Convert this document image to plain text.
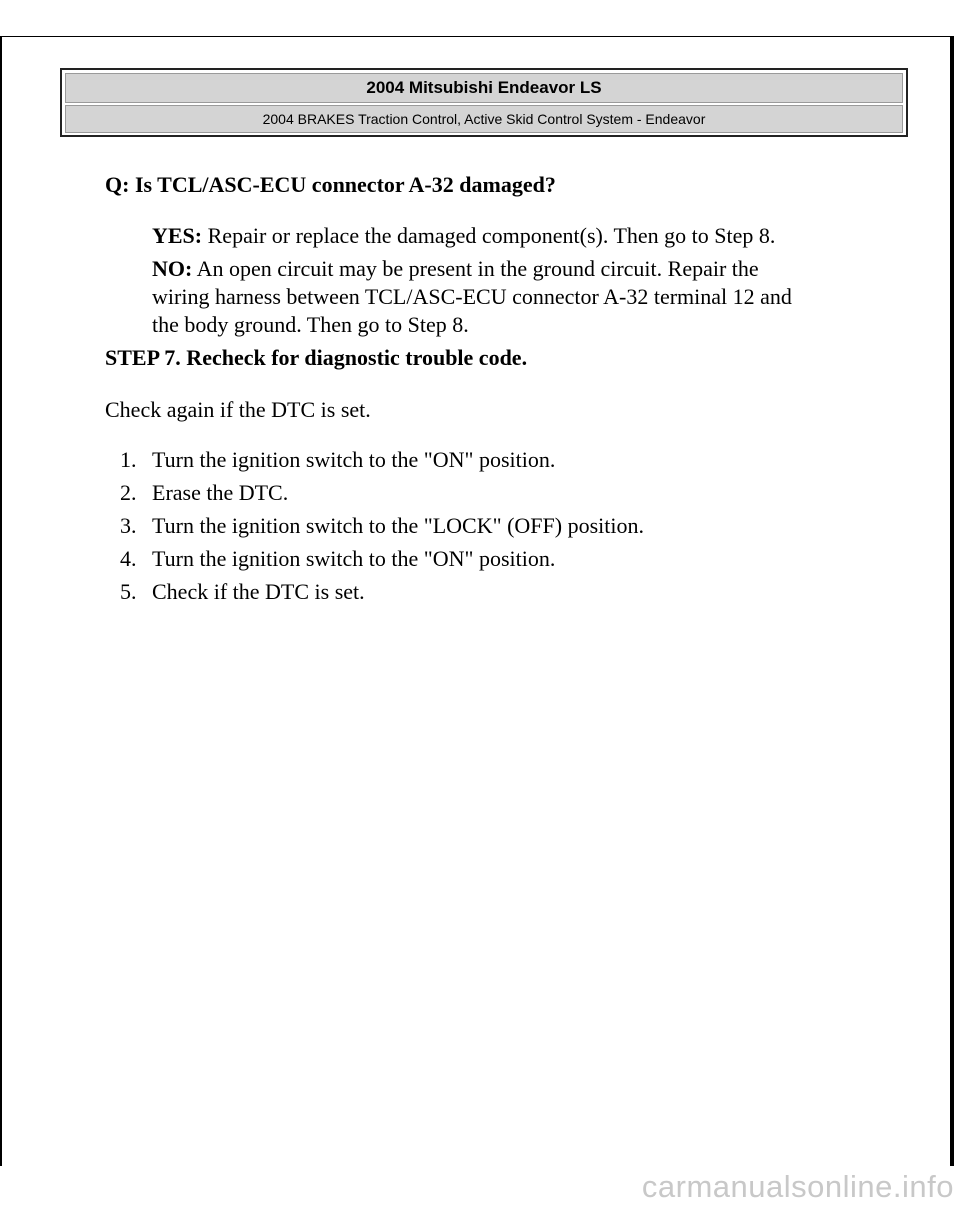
2004 Mitsubishi Endeavor LS
2004 BRAKES Traction Control, Active Skid Control System - Endeavor
Q: Is TCL/ASC-ECU connector A-32 damaged?
YES: Repair or replace the damaged component(s). Then go to Step 8.
NO: An open circuit may be present in the ground circuit. Repair the
wiring harness between TCL/ASC-ECU connector A-32 terminal 12 and
the body ground. Then go to Step 8.
STEP 7. Recheck for diagnostic trouble code.
Check again if the DTC is set.
1. Turn the ignition switch to the "ON" position.
2. Erase the DTC.
3. Turn the ignition switch to the "LOCK" (OFF) position.
4. Turn the ignition switch to the "ON" position.
5. Check if the DTC is set.
carmanualsonline.info
